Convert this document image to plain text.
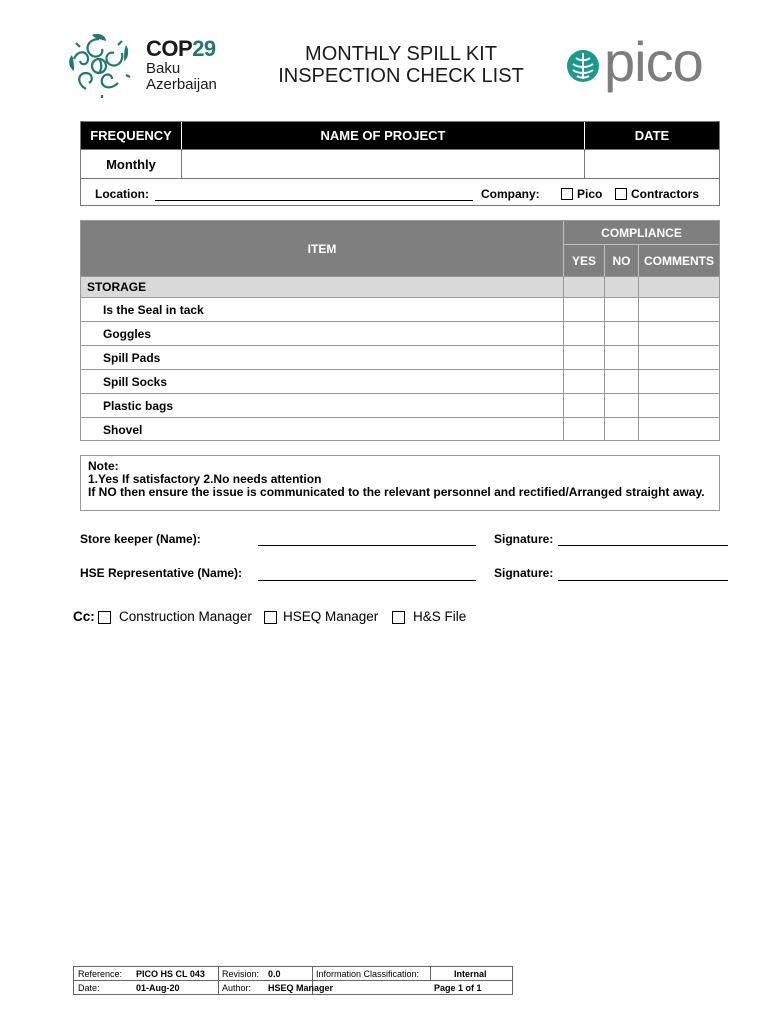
COP29
Baku
Azerbaijan
MONTHLY SPILL KIT
INSPECTION CHECK LIST	pico
FREQUENCY	NAME OF PROJECT	DATE
Monthly
Location:	Company:	Pico Contractors
ITEM
COMPLIANCE
YES	NO	COMMENTS
STORAGE
Is the Seal in tack
Goggles
Spill Pads
Spill Socks
Plastic bags
Shovel
Note:
1.Yes If satisfactory 2.No needs attention
If NO then ensure the issue is communicated to the relevant personnel and rectified/Arranged straight away.
Store keeper (Name):	Signature:
HSE Representative (Name):	Signature:
Cc: Construction Manager HSEQ Manager	H&S File
Reference: PICO HS CL 043 Revision: 0.0	Information Classification:	Internal
Date:	01-Aug-20	Author: HSEQ Manager	Page 1 of 1
